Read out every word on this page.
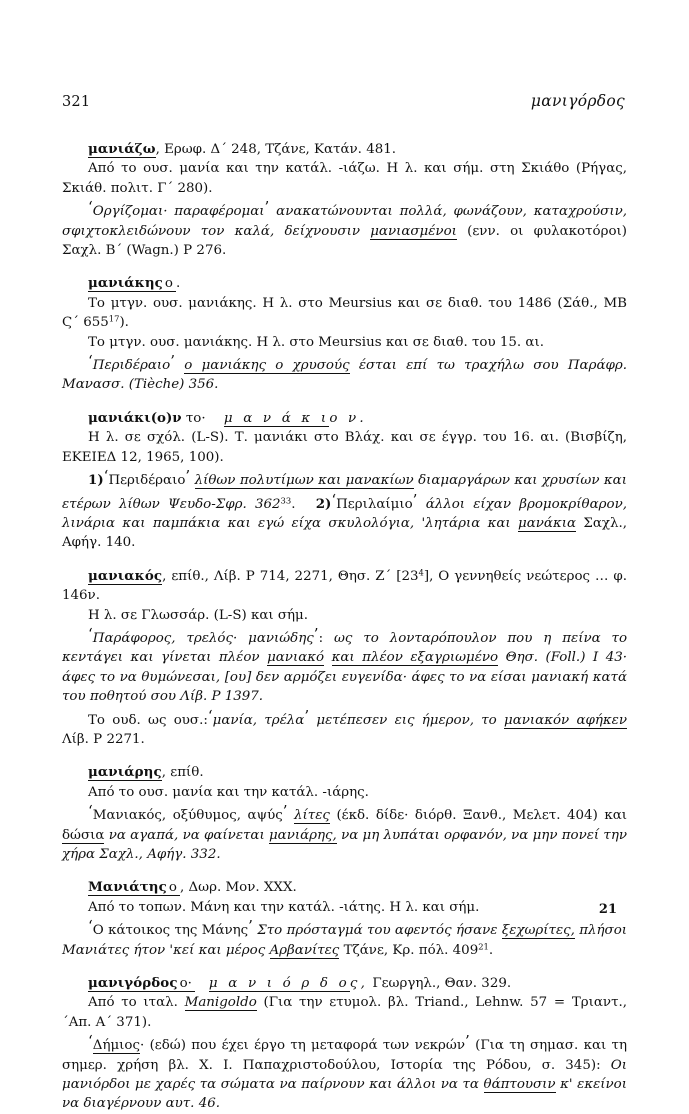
321	μανιγόρδος

μανιάζω, Ερωφ. Δ΄ 248, Τζάνε, Κατάν. 481.

Από το ουσ. μανία και την κατάλ. -ιάζω. Η λ. και σήμ. στη Σκιάθο (Ρήγας, Σκιάθ. πολιτ. Γ΄ 280).

‘Οργίζομαι· παραφέρομαι’ ανακατώνουνται πολλά, φωνάζουν, καταχρούσιν, σφιχτοκλειδώνουν τον καλά, δείχνουσιν μανιασμένοι (ενν. οι φυλακοτόροι) Σαχλ. Β΄ (Wagn.) Ρ 276.

μανιάκης ο .

Το μτγν. ουσ. μανιάκης. Η λ. στο Meursius και σε διαθ. του 1486 (Σάθ., ΜΒ Ϛ΄ $655^{17}$).

Το μτγν. ουσ. μανιάκης. Η λ. στο Meursius και σε διαθ. του 15. αι.

‘Περιδέραιο’ ο μανιάκης ο χρυσούς έσται επί τω τραχήλω σου Παράφρ. Μανασσ. (Tièche) 356.

μανιάκι(ο)ν το· μ α ν ά κ ιο ν.

Η λ. σε σχόλ. (L-S). Τ. μανιάκι στο Βλάχ. και σε έγγρ. του 16. αι. (Βισβίζη, ΕΚΕΙΕΔ 12, 1965, 100).

1)‘Περιδέραιο’ λίθων πολυτίμων και μανακίων διαμαργάρων και χρυσίων και ετέρων λίθων Ψευδο-Σφρ. $362^{33}$. 2)‘Περιλαίμιο’ άλλοι είχαν βρομοκρίθαρον, λινάρια και παμπάκια και εγώ είχα σκυλολόγια, 'λητάρια και μανάκια Σαχλ., Αφήγ. 140.

μανιακός, επίθ., Λίβ. Ρ 714, 2271, Θησ. Ζ΄ $[23^4]$, Ο γεννηθείς νεώτερος … φ. 146ν.

Η λ. σε Γλωσσάρ. (L-S) και σήμ.

‘Παράφορος, τρελός· μανιώδης’: ως το λονταρόπουλον που η πείνα το κεντάγει και γίνεται πλέον μανιακό και πλέον εξαγριωμένο Θησ. (Foll.) Ι 43· άφες το να θυμώνεσαι, [ου] δεν αρμόζει ευγενίδα· άφες το να είσαι μανιακή κατά του ποθητού σου Λίβ. Ρ 1397.

Το ουδ. ως ουσ.:‘μανία, τρέλα’ μετέπεσεν εις ήμερον, το μανιακόν αφήκεν Λίβ. Ρ 2271.

μανιάρης, επίθ.

Από το ουσ. μανία και την κατάλ. -ιάρης.

‘Μανιακός, οξύθυμος, αψύς’ λίτες (έκδ. δίδε· διόρθ. Ξανθ., Μελετ. 404) και δώσια να αγαπά, να φαίνεται μανιάρης, να μη λυπάται ορφανόν, να μην πονεί την χήρα Σαχλ., Αφήγ. 332.

Μανιάτης ο , Δωρ. Μον. ΧΧΧ.

Από το τοπων. Μάνη και την κατάλ. -ιάτης. Η λ. και σήμ.

‘Ο κάτοικος της Μάνης’ Στο πρόσταγμά του αφεντός ήσανε ξεχωρίτες, πλήσοι Μανιάτες ήτον 'κεί και μέρος Αρβανίτες Τζάνε, Κρ. πόλ. $409^{21}$.

μανιγόρδος ο· μ α ν ι ό ρ δ ος, Γεωργηλ., Θαν. 329.

Από το ιταλ. Manigoldo (Για την ετυμολ. βλ. Triand., Lehnw. 57 = Τριαντ., ΄Απ. Α΄ 371).

‘Δήμιος· (εδώ) που έχει έργο τη μεταφορά των νεκρών’ (Για τη σημασ. και τη σημερ. χρήση βλ. Χ. Ι. Παπαχριστοδούλου, Ιστορία της Ρόδου, σ. 345): Οι μανιόρδοι με χαρές τα σώματα να παίρνουν και άλλοι να τα θάπτουσιν κ' εκείνοι να διαγέρνουν αυτ. 46.

21
